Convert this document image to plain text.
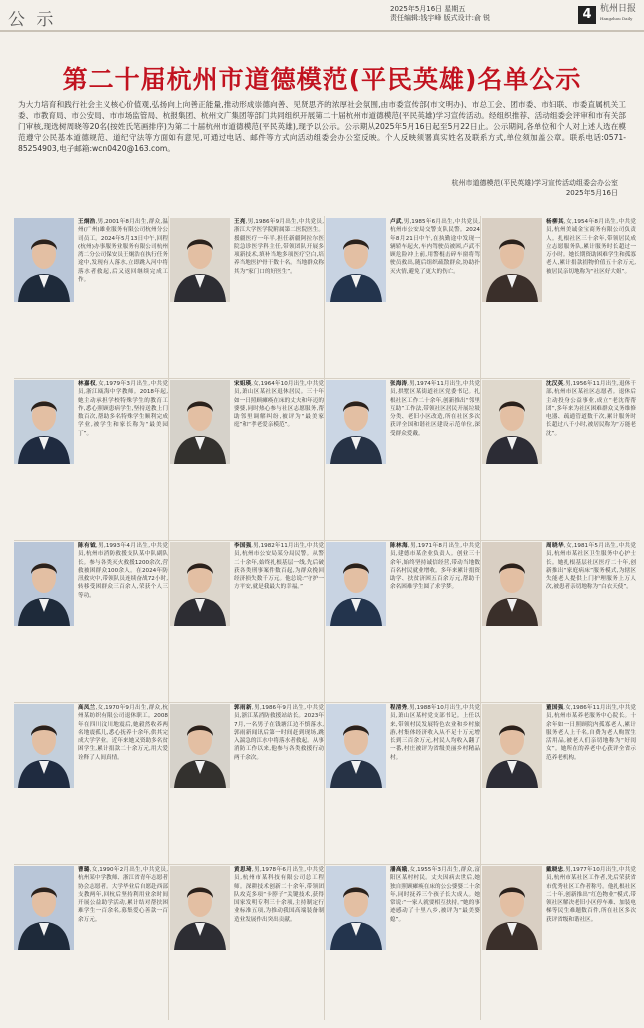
公 示
2025年5月16日 星期五
责任编辑:钱宇峰 版式设计:俞 锐	4 杭州日报
Hangzhou Daily
第二十届杭州市道德模范(平民英雄)名单公示

为大力培育和践行社会主义核心价值观,弘扬向上向善正能量,推动形成崇德向善、见贤思齐的浓厚社会氛围,由市委宣传部(市文明办)、市总工会、团市委、市妇联、市委直属机关工委、市教育局、市公安局、市市场监管局、杭报集团、杭州文广集团等部门共同组织开展第二十届杭州市道德模范(平民英雄)学习宣传活动。经组织推荐、活动组委会评审和市有关部门审核,现选树周晓等20名(按姓氏笔画排序)为第二十届杭州市道德模范(平民英雄),现予以公示。公示期从2025年5月16日起至5月22日止。公示期间,各单位和个人对上述人选在模范遵守公民基本道德规范、道纪守法等方面如有意见,可通过电话、邮件等方式向活动组委会办公室反映。个人反映须署真实姓名及联系方式,单位须加盖公章。联系电话:0571-85254903,电子邮箱:wcn0420@163.com。

杭州市道德模范(平民英雄)学习宣传活动组委会办公室
2025年5月16日

王炯浩,男,2001年8月出生,群众,温州(广州)雄业服务有限公司杭州分公司员工。2024年5月13日中午,回程(杭州)办事服务业服务有限公司杭州湾二分公司保安员王炯浩在执行任务途中,发现有人落水,立即跳入河中将落水者救起,后又返回继续完成工作。

王亮,男,1986年9月出生,中共党员,浙江大学医学院附属第二医院医生。援疆医疗一年半,担任新疆阿拉尔医院急诊医学科主任,带领团队开展多项新技术,填补当地多项医疗空白,培养当地医护骨干数十名。当地群众称其为“家门口的好医生”。

卢武,男,1985年6月出生,中共党员,杭州市公安局交警支队民警。2024年8月21日中午,在执勤途中发现一辆轿车起火,车内驾驶员被困,卢武不顾危险冲上前,用警棍击碎车窗将驾驶员救出,随后组织疏散群众,协助扑灭火情,避免了更大的伤亡。

杨柳其,女,1954年8月出生,中共党员,杭州美诚金宝商务有限公司负责人。扎根社区三十余年,带领居民成立志愿服务队,累计服务时长超过一万小时。她长期资助困难学生和孤寡老人,累计捐款捐物价值五十余万元,被居民亲切地称为“社区好大姐”。

林嘉权,女,1979年3月出生,中共党员,浙江瓯海中学教师。2018年起,她主动承担学校特殊学生的教育工作,悉心照顾患病学生,坚持送教上门数百次,帮助多名特殊学生顺利完成学业,被学生和家长称为“最美园丁”。

宋姐瑛,女,1964年10月出生,中共党员,萧山区某社区退休居民。三十年如一日照顾瘫痪在床的丈夫和年迈的婆婆,同时热心参与社区志愿服务,帮助邻里调解纠纷,被评为“最美家庭”和“孝老爱亲模范”。

张海涛,男,1974年11月出生,中共党员,拱墅区某街道社区党委书记。扎根社区工作二十余年,创新推出“邻里互助”工作法,带领社区居民开展垃圾分类、老旧小区改造,所在社区多次获评全国和谐社区建设示范单位,深受群众爱戴。

沈汉英,男,1956年11月出生,退休干部,杭州市区某社区志愿者。退休后主动投身公益事业,成立“老沈帮帮团”,多年来为社区困难群众义务维修电器、疏通管道数千次,累计服务时长超过八千小时,被居民称为“万能老沈”。

陈有钺,男,1993年4月出生,中共党员,杭州市消防救援支队某中队副队长。参与各类灭火救援1200余次,营救被困群众100余人。在2024年防汛救灾中,带领队员连续奋战72小时,转移受困群众三百余人,荣获个人三等功。

李国强,男,1982年11月出生,中共党员,杭州市公安局某分局民警。从警二十余年,始终扎根基层一线,先后破获各类刑事案件数百起,为群众挽回经济损失数千万元。他总说:“守护一方平安,就是我最大的幸福。”

陈林海,男,1971年8月出生,中共党员,建德市某企业负责人。创业三十余年,始终坚持诚信经营,带动当地数百名村民就业增收。多年来累计捐资助学、扶贫济困五百余万元,帮助千余名困难学生圆了求学梦。

周晓华,女,1981年5月出生,中共党员,杭州市某社区卫生服务中心护士长。她扎根基层社区医疗二十年,创新推出“家庭病床”服务模式,为辖区失能老人提供上门护理服务上万人次,被患者亲切地称为“白衣天使”。

高凤兰,女,1970年9月出生,群众,杭州某纺织有限公司退休职工。2008年在四川汶川地震后,她毅然收养两名地震孤儿,悉心抚养十余年,供其完成大学学业。近年来她又资助多名贫困学生,累计捐款二十余万元,用大爱诠释了人间真情。

郭雨新,男,1986年9月出生,中共党员,浙江某消防救援站站长。2023年7月,一名男子在钱塘江边不慎落水,郭雨新闻讯后第一时间赶到现场,跳入湍急的江水中将落水者救起。从事消防工作以来,他参与各类救援行动两千余次。

程清秀,男,1988年10月出生,中共党员,萧山区某村党支部书记。上任以来,带领村民发展特色农业和乡村旅游,村集体经济收入从不足十万元增长到三百余万元,村民人均收入翻了一番,村庄被评为省级美丽乡村精品村。

董国强,女,1986年11月出生,中共党员,杭州市某养老服务中心院长。十余年如一日照顾院内孤寡老人,累计服务老人上千名,自费为老人购置生活用品,被老人们亲切地称为“好闺女”。她所在的养老中心获评全省示范养老机构。

曹璐,女,1990年2月出生,中共党员,杭州某中学教师、浙江省青年志愿者协会志愿者。大学毕业后自愿赴西部支教两年,回杭后坚持利用业余时间开展公益助学活动,累计结对帮扶困难学生一百余名,募集爱心善款一百余万元。

黄思琦,男,1978年6月出生,中共党员,杭州市某科技有限公司总工程师。深耕技术创新二十余年,带领团队攻克多项“卡脖子”关键技术,获得国家发明专利三十余项,主持制定行业标准五项,为推动我国高端装备制造业发展作出突出贡献。

潘高娥,女,1955年3月出生,群众,富阳区某村村民。丈夫因病去世后,她独自照顾瘫痪在床的公公婆婆二十余年,同时抚养三个孩子长大成人。她常说:“一家人就要相互扶持。”她的事迹感动了十里八乡,被评为“最美婆媳”。

戴晓忠,男,1977年10月出生,中共党员,杭州市某社区工作者,先后荣获省市优秀社区工作者称号。他扎根社区二十年,创新推出“红色物业”模式,带领社区解决老旧小区停车难、加装电梯等民生难题数百件,所在社区多次获评省级和谐社区。
